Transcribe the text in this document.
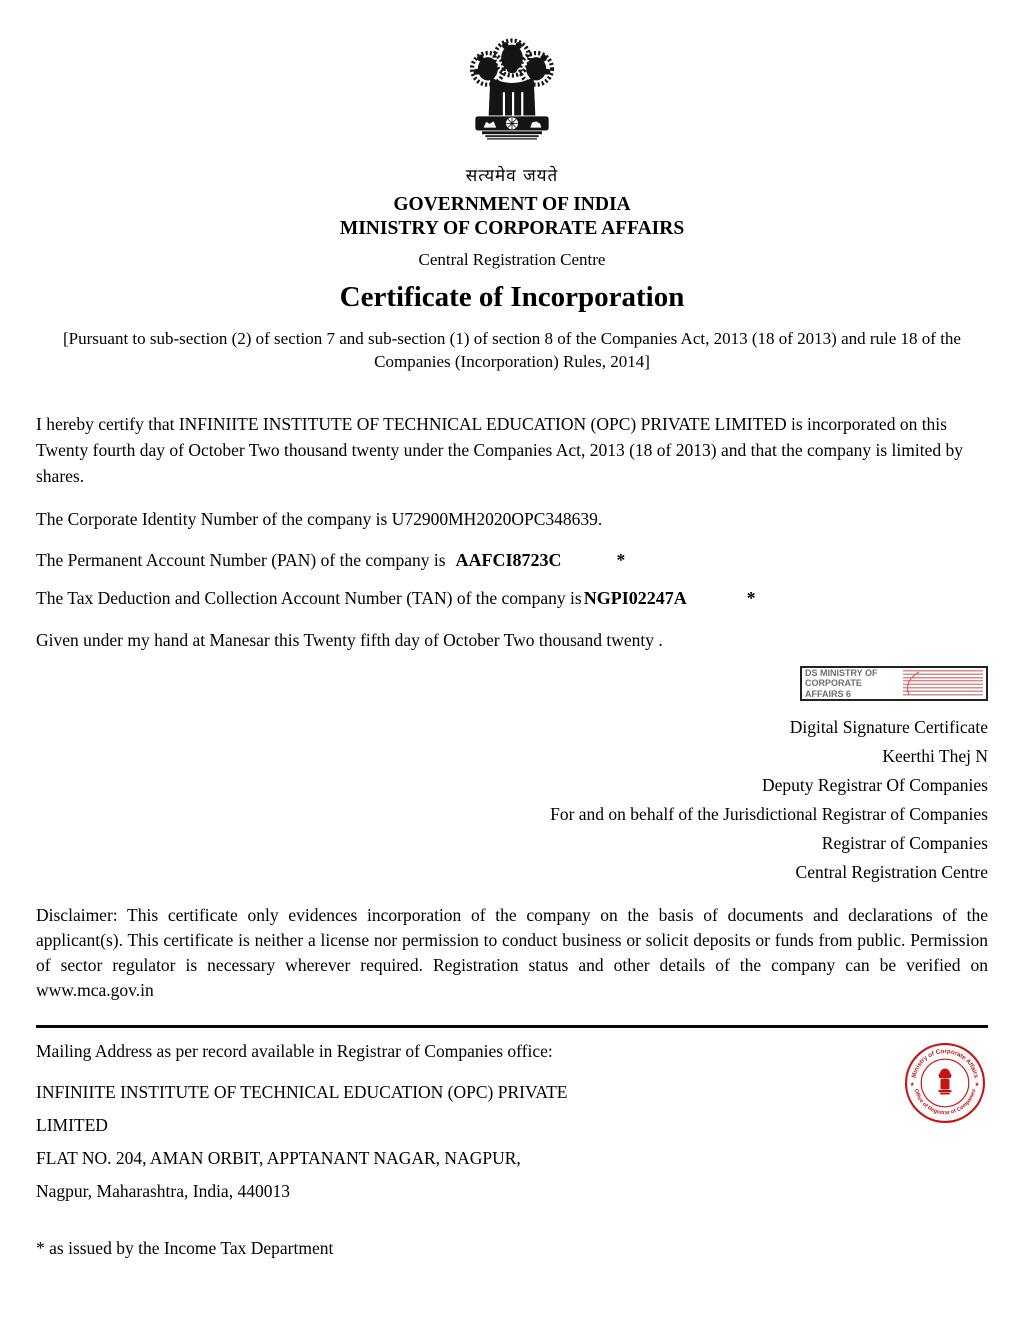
सत्यमेव जयते
GOVERNMENT OF INDIA
MINISTRY OF CORPORATE AFFAIRS
Central Registration Centre
Certificate of Incorporation
[Pursuant to sub-section (2) of section 7 and sub-section (1) of section 8 of the Companies Act, 2013 (18 of 2013) and rule 18 of the Companies (Incorporation) Rules, 2014]

I hereby certify that INFINIITE INSTITUTE OF TECHNICAL EDUCATION (OPC) PRIVATE LIMITED is incorporated on this Twenty fourth day of October Two thousand twenty under the Companies Act, 2013 (18 of 2013) and that the company is limited by shares.

The Corporate Identity Number of the company is U72900MH2020OPC348639.

The Permanent Account Number (PAN) of the company is AAFCI8723C	*

The Tax Deduction and Collection Account Number (TAN) of the company is NGPI02247A	*

Given under my hand at Manesar this Twenty fifth day of October Two thousand twenty .

DS MINISTRY OF
CORPORATE AFFAIRS 6
Digital Signature Certificate
Keerthi Thej N
Deputy Registrar Of Companies
For and on behalf of the Jurisdictional Registrar of Companies
Registrar of Companies
Central Registration Centre

Disclaimer: This certificate only evidences incorporation of the company on the basis of documents and declarations of the applicant(s). This certificate is neither a license nor permission to conduct business or solicit deposits or funds from public. Permission of sector regulator is necessary wherever required. Registration status and other details of the company can be verified on www.mca.gov.in

Mailing Address as per record available in Registrar of Companies office:

INFINIITE INSTITUTE OF TECHNICAL EDUCATION (OPC) PRIVATE
LIMITED
FLAT NO. 204, AMAN ORBIT, APPTANANT NAGAR, NAGPUR,
Nagpur, Maharashtra, India, 440013

* as issued by the Income Tax Department

Ministry of Corporate Affairs
Office of Registrar of Companies
★	★
